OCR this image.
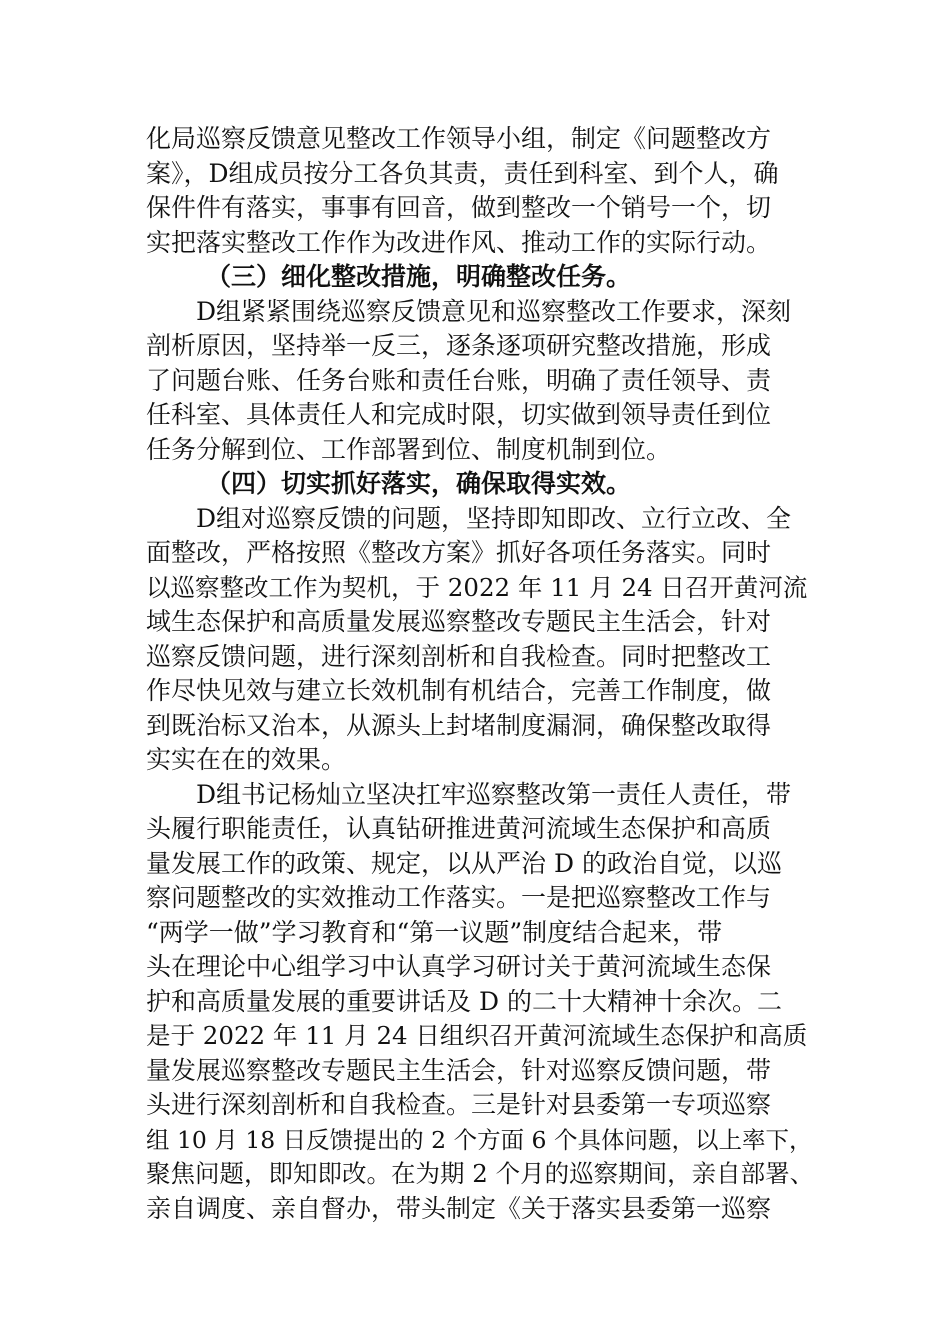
化局巡察反馈意见整改工作领导小组，制定《问题整改方
案》，D组成员按分工各负其责，责任到科室、到个人，确
保件件有落实，事事有回音，做到整改一个销号一个，切
实把落实整改工作作为改进作风、推动工作的实际行动。
（三）细化整改措施，明确整改任务。
D组紧紧围绕巡察反馈意见和巡察整改工作要求，深刻
剖析原因，坚持举一反三，逐条逐项研究整改措施，形成
了问题台账、任务台账和责任台账，明确了责任领导、责
任科室、具体责任人和完成时限，切实做到领导责任到位
任务分解到位、工作部署到位、制度机制到位。
（四）切实抓好落实，确保取得实效。
D组对巡察反馈的问题，坚持即知即改、立行立改、全
面整改，严格按照《整改方案》抓好各项任务落实。同时
以巡察整改工作为契机，于 2022 年 11 月 24 日召开黄河流
域生态保护和高质量发展巡察整改专题民主生活会，针对
巡察反馈问题，进行深刻剖析和自我检查。同时把整改工
作尽快见效与建立长效机制有机结合，完善工作制度，做
到既治标又治本，从源头上封堵制度漏洞，确保整改取得
实实在在的效果。
D组书记杨灿立坚决扛牢巡察整改第一责任人责任，带
头履行职能责任，认真钻研推进黄河流域生态保护和高质
量发展工作的政策、规定，以从严治 D 的政治自觉，以巡
察问题整改的实效推动工作落实。一是把巡察整改工作与
“两学一做”学习教育和“第一议题”制度结合起来，带
头在理论中心组学习中认真学习研讨关于黄河流域生态保
护和高质量发展的重要讲话及 D 的二十大精神十余次。二
是于 2022 年 11 月 24 日组织召开黄河流域生态保护和高质
量发展巡察整改专题民主生活会，针对巡察反馈问题，带
头进行深刻剖析和自我检查。三是针对县委第一专项巡察
组 10 月 18 日反馈提出的 2 个方面 6 个具体问题，以上率下，
聚焦问题，即知即改。在为期 2 个月的巡察期间，亲自部署、
亲自调度、亲自督办，带头制定《关于落实县委第一巡察
